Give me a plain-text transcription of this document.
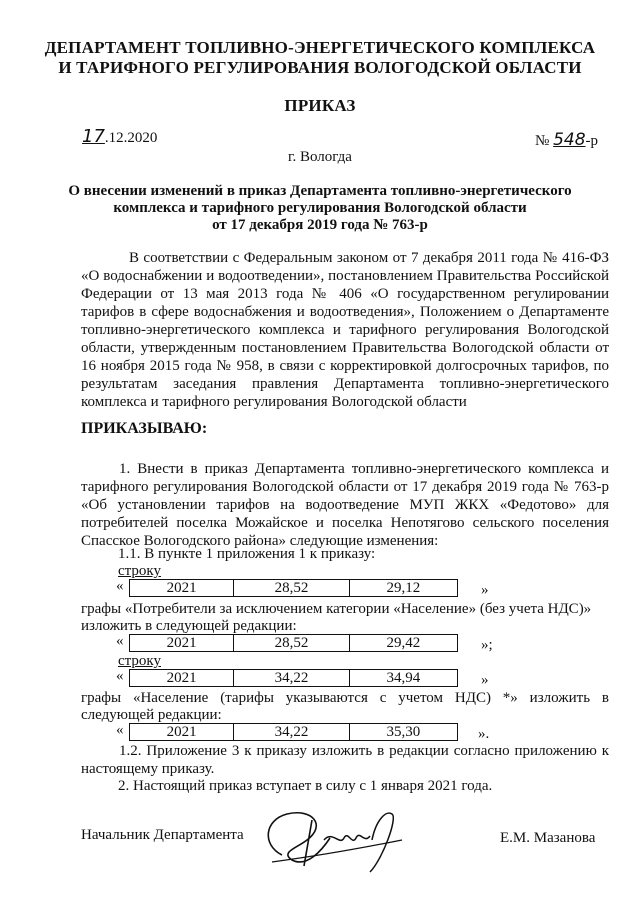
ДЕПАРТАМЕНТ ТОПЛИВНО-ЭНЕРГЕТИЧЕСКОГО КОМПЛЕКСА
И ТАРИФНОГО РЕГУЛИРОВАНИЯ ВОЛОГОДСКОЙ ОБЛАСТИ
ПРИКАЗ
17.12.2020	№ 548-р
г. Вологда
О внесении изменений в приказ Департамента топливно-энергетического
комплекса и тарифного регулирования Вологодской области
от 17 декабря 2019 года № 763-р
В соответствии с Федеральным законом от 7 декабря 2011 года № 416-ФЗ «О водоснабжении и водоотведении», постановлением Правительства Российской Федерации от 13 мая 2013 года № 406 «О государственном регулировании тарифов в сфере водоснабжения и водоотведения», Положением о Департаменте топливно-энергетического комплекса и тарифного регулирования Вологодской области, утвержденным постановлением Правительства Вологодской области от 16 ноября 2015 года № 958, в связи с корректировкой долгосрочных тарифов, по результатам заседания правления Департамента топливно-энергетического комплекса и тарифного регулирования Вологодской области
ПРИКАЗЫВАЮ:
1. Внести в приказ Департамента топливно-энергетического комплекса и тарифного регулирования Вологодской области от 17 декабря 2019 года № 763-р «Об установлении тарифов на водоотведение МУП ЖКХ «Федотово» для потребителей поселка Можайское и поселка Непотягово сельского поселения Спасское Вологодского района» следующие изменения:
1.1. В пункте 1 приложения 1 к приказу:
строку
«	2021	28,52	29,12	»
графы «Потребители за исключением категории «Население» (без учета НДС)»
изложить в следующей редакции:
«	2021	28,52	29,42	»;
строку
«	2021	34,22	34,94	»
графы «Население (тарифы указываются с учетом НДС) *» изложить в
следующей редакции:
«	2021	34,22	35,30	».
1.2. Приложение 3 к приказу изложить в редакции согласно приложению к настоящему приказу.
2. Настоящий приказ вступает в силу с 1 января 2021 года.
Начальник Департамента	Е.М. Мазанова
